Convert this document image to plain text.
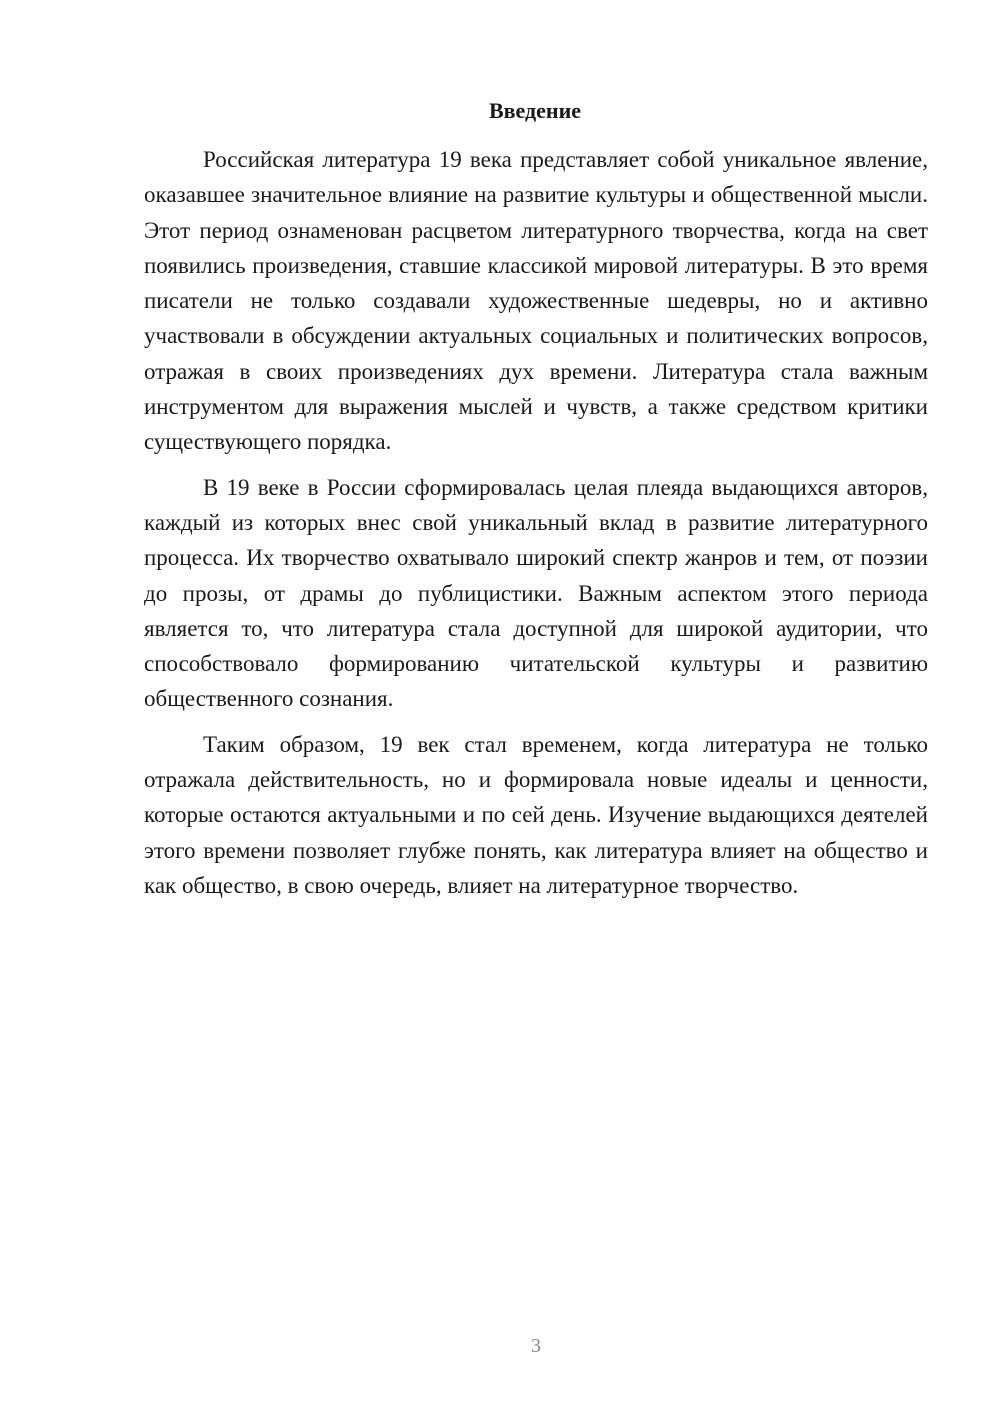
Введение

Российская литература 19 века представляет собой уникальное явление, оказавшее значительное влияние на развитие культуры и общественной мысли. Этот период ознаменован расцветом литературного творчества, когда на свет появились произведения, ставшие классикой мировой литературы. В это время писатели не только создавали художественные шедевры, но и активно участвовали в обсуждении актуальных социальных и политических вопросов, отражая в своих произведениях дух времени. Литература стала важным инструментом для выражения мыслей и чувств, а также средством критики существующего порядка.

В 19 веке в России сформировалась целая плеяда выдающихся авторов, каждый из которых внес свой уникальный вклад в развитие литературного процесса. Их творчество охватывало широкий спектр жанров и тем, от поэзии до прозы, от драмы до публицистики. Важным аспектом этого периода является то, что литература стала доступной для широкой аудитории, что способствовало формированию читательской культуры и развитию общественного сознания.

Таким образом, 19 век стал временем, когда литература не только отражала действительность, но и формировала новые идеалы и ценности, которые остаются актуальными и по сей день. Изучение выдающихся деятелей этого времени позволяет глубже понять, как литература влияет на общество и как общество, в свою очередь, влияет на литературное творчество.

3
